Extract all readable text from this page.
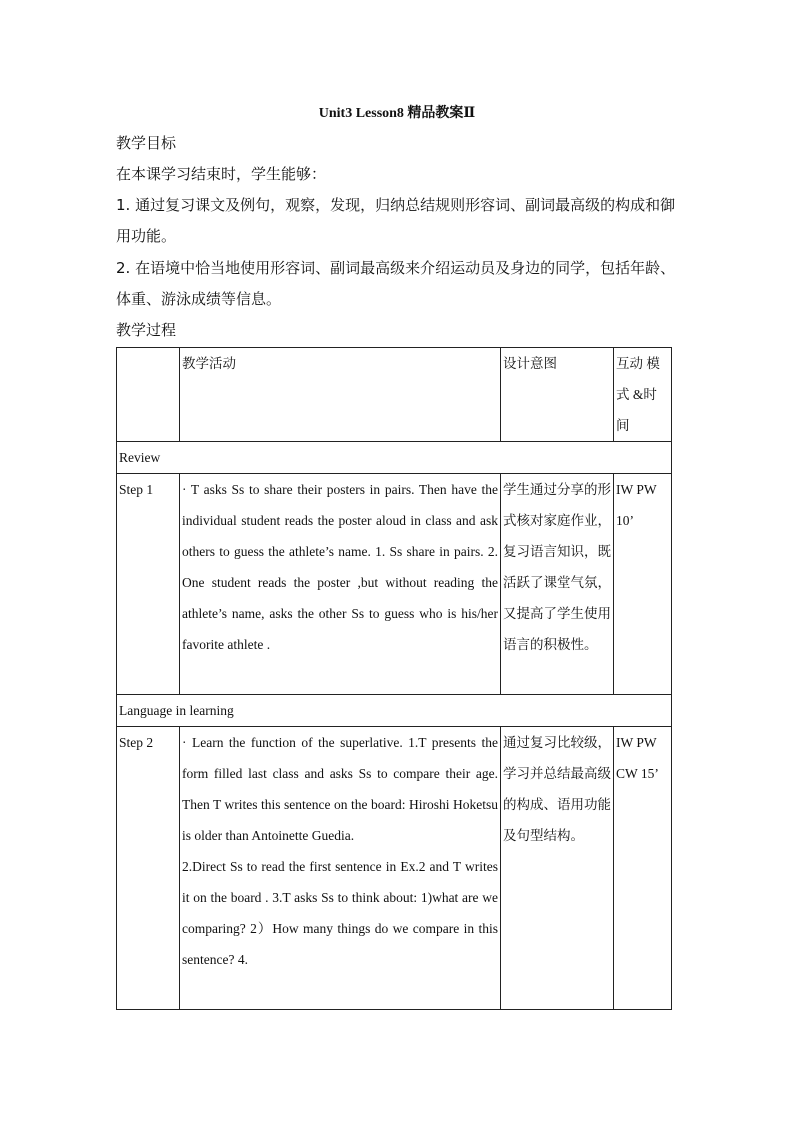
Unit3 Lesson8 精品教案Ⅱ
教学目标
在本课学习结束时，学生能够：
1. 通过复习课文及例句，观察，发现，归纳总结规则形容词、副词最高级的构成和御用功能。
2. 在语境中恰当地使用形容词、副词最高级来介绍运动员及身边的同学，包括年龄、体重、游泳成绩等信息。
教学过程
	教学活动	设计意图	互动 模式 &时间
Review			
Step 1	· T asks Ss to share their posters in pairs. Then have the individual student reads the poster aloud in class and ask others to guess the athlete’s name. 1. Ss share in pairs. 2. One student reads the poster ,but without reading the athlete’s name, asks the other Ss to guess who is his/her favorite athlete .	学生通过分享的形式核对家庭作业，复习语言知识，既活跃了课堂气氛，又提高了学生使用语言的积极性。	IW PW 10’
Language in learning			
Step 2	· Learn the function of the superlative. 1.T presents the form filled last class and asks Ss to compare their age. Then T writes this sentence on the board: Hiroshi Hoketsu is older than Antoinette Guedia.
2.Direct Ss to read the first sentence in Ex.2 and T writes it on the board . 3.T asks Ss to think about: 1)what are we comparing? 2）How many things do we compare in this sentence? 4.	通过复习比较级，学习并总结最高级的构成、语用功能及句型结构。	IW PW CW 15’
